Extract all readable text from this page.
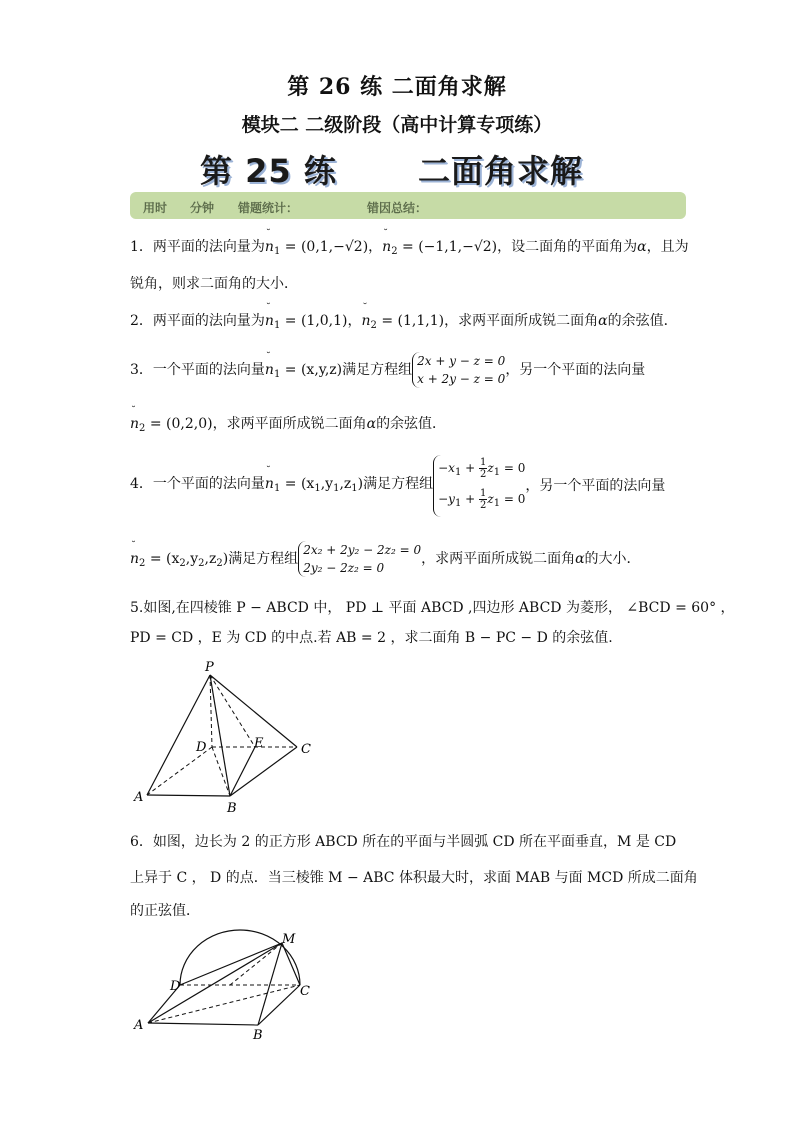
第 26 练 二面角求解
模块二 二级阶段（高中计算专项练）
第 25 练	二面角求解
用时 分钟 错题统计：	错因总结：
1．两平面的法向量为˘ $n_1 = (0,1,-√2)$，˘ $n_2 = (-1,1,-√2)$，设二面角的平面角为α，且为
锐角，则求二面角的大小．
2．两平面的法向量为˘ $n_1 = (1,0,1)$，˘ $n_2 = (1,1,1)$，求两平面所成锐二面角α的余弦值．
3．一个平面的法向量˘ $n_1 = (x,y,z)$满足方程组2x + y − z = 0
x + 2y − z = 0，另一个平面的法向量
˘ $n_2 = (0,2,0)$，求两平面所成锐二面角α的余弦值．
4．一个平面的法向量˘ $n_1 = (x_1,y_1,z_1)$满足方程组$-x_1 + \frac{1}{2}z_1 = 0$
$-y_1 + \frac{1}{2}z_1 = 0$，另一个平面的法向量
˘ $n_2 = (x_2,y_2,z_2)$满足方程组2x₂ + 2y₂ − 2z₂ = 0
2y₂ − 2z₂ = 0，求两平面所成锐二面角α的大小．
5.如图,在四棱锥 P − ABCD 中， PD ⊥ 平面 ABCD ,四边形 ABCD 为菱形， ∠BCD = 60° ，
PD = CD ，E 为 CD 的中点.若 AB = 2 ，求二面角 B − PC − D 的余弦值.
P
D	E	C
A
B
6．如图，边长为 2 的正方形 ABCD 所在的平面与半圆弧 CD 所在平面垂直，M 是 CD
上异于 C ， D 的点．当三棱锥 M − ABC 体积最大时，求面 MAB 与面 MCD 所成二面角
的正弦值．
M
D	C
A
B
